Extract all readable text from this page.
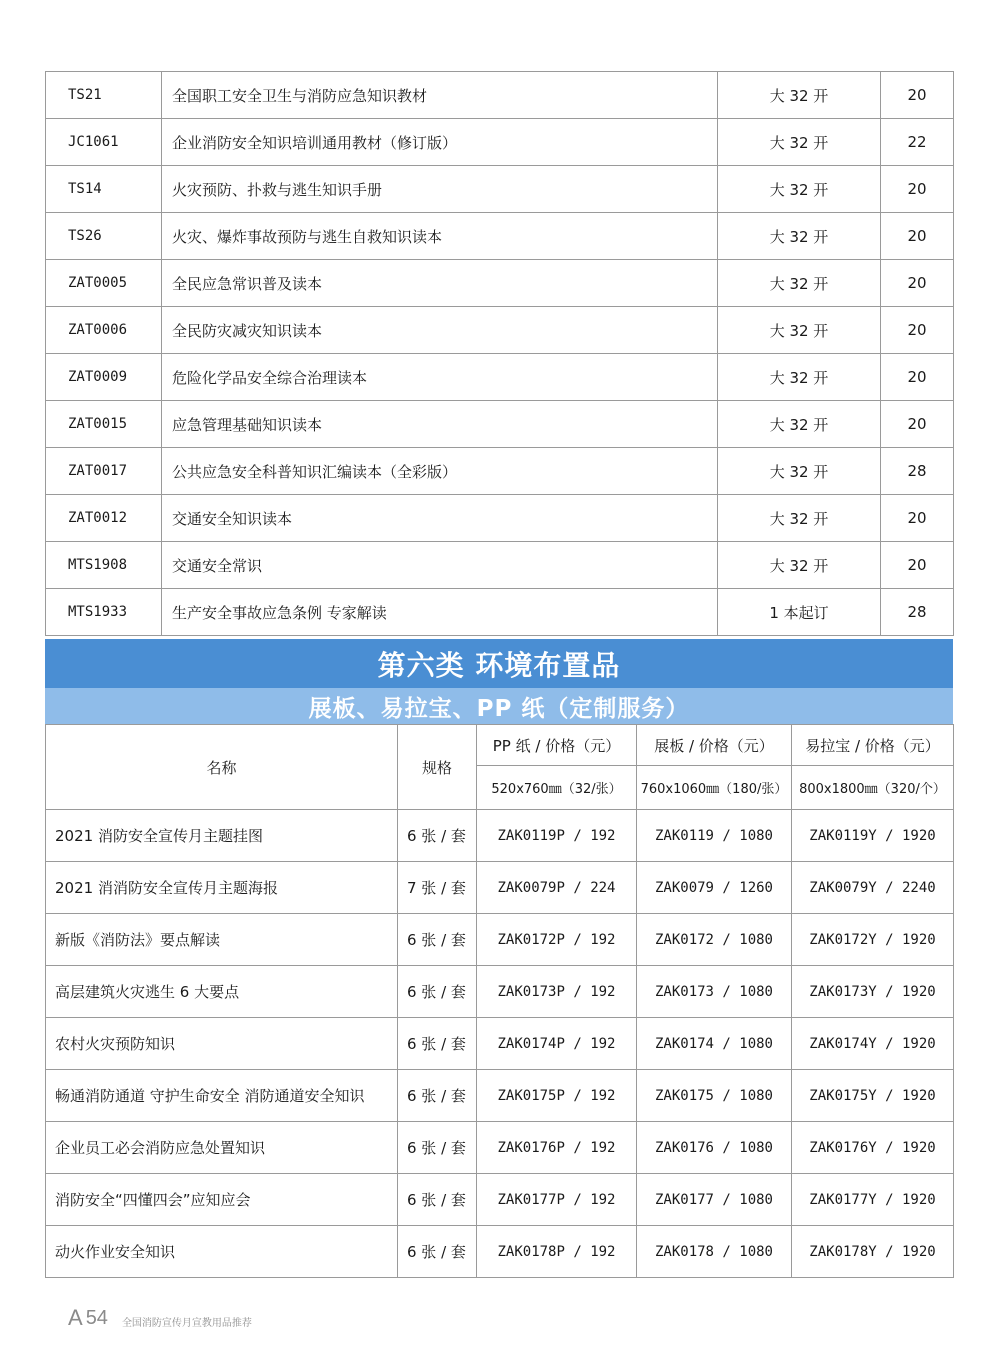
TS21	全国职工安全卫生与消防应急知识教材	大 32 开	20
JC1061	企业消防安全知识培训通用教材（修订版）	大 32 开	22
TS14	火灾预防、扑救与逃生知识手册	大 32 开	20
TS26	火灾、爆炸事故预防与逃生自救知识读本	大 32 开	20
ZAT0005	全民应急常识普及读本	大 32 开	20
ZAT0006	全民防灾减灾知识读本	大 32 开	20
ZAT0009	危险化学品安全综合治理读本	大 32 开	20
ZAT0015	应急管理基础知识读本	大 32 开	20
ZAT0017	公共应急安全科普知识汇编读本（全彩版）	大 32 开	28
ZAT0012	交通安全知识读本	大 32 开	20
MTS1908	交通安全常识	大 32 开	20
MTS1933	生产安全事故应急条例 专家解读	1 本起订	28
第六类 环境布置品
展板、易拉宝、PP 纸（定制服务）
名称	规格	PP 纸 / 价格（元）	展板 / 价格（元）	易拉宝 / 价格（元）
		520x760㎜（32/张）	760x1060㎜（180/张）	800x1800㎜（320/个）
2021 消防安全宣传月主题挂图	6 张 / 套	ZAK0119P / 192	ZAK0119 / 1080	ZAK0119Y / 1920
2021 消消防安全宣传月主题海报	7 张 / 套	ZAK0079P / 224	ZAK0079 / 1260	ZAK0079Y / 2240
新版《消防法》要点解读	6 张 / 套	ZAK0172P / 192	ZAK0172 / 1080	ZAK0172Y / 1920
高层建筑火灾逃生 6 大要点	6 张 / 套	ZAK0173P / 192	ZAK0173 / 1080	ZAK0173Y / 1920
农村火灾预防知识	6 张 / 套	ZAK0174P / 192	ZAK0174 / 1080	ZAK0174Y / 1920
畅通消防通道 守护生命安全 消防通道安全知识	6 张 / 套	ZAK0175P / 192	ZAK0175 / 1080	ZAK0175Y / 1920
企业员工必会消防应急处置知识	6 张 / 套	ZAK0176P / 192	ZAK0176 / 1080	ZAK0176Y / 1920
消防安全“四懂四会”应知应会	6 张 / 套	ZAK0177P / 192	ZAK0177 / 1080	ZAK0177Y / 1920
动火作业安全知识	6 张 / 套	ZAK0178P / 192	ZAK0178 / 1080	ZAK0178Y / 1920
A 54 全国消防宣传月宣教用品推荐
